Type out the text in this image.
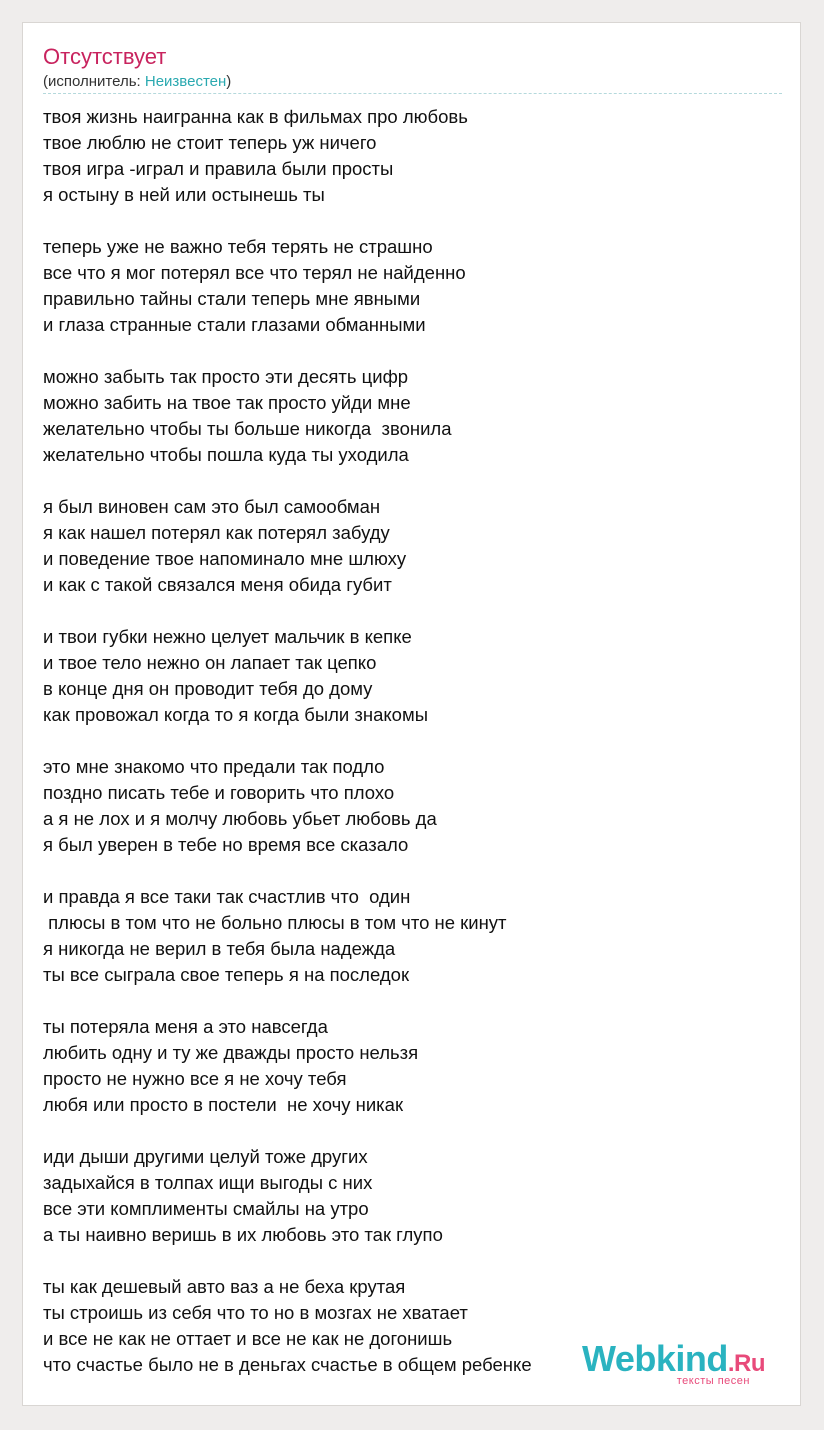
Отсутствует
(исполнитель: Неизвестен)
твоя жизнь наигранна как в фильмах про любовь
твое люблю не стоит теперь уж ничего
твоя игра -играл и правила были просты
я остыну в ней или остынешь ты
теперь уже не важно тебя терять не страшно
все что я мог потерял все что терял не найденно
правильно тайны стали теперь мне явными
и глаза странные стали глазами обманными
можно забыть так просто эти десять цифр
можно забить на твое так просто уйди мне
желательно чтобы ты больше никогда  звонила
желательно чтобы пошла куда ты уходила
я был виновен сам это был самообман
я как нашел потерял как потерял забуду
и поведение твое напоминало мне шлюху
и как с такой связался меня обида губит
и твои губки нежно целует мальчик в кепке
и твое тело нежно он лапает так цепко
в конце дня он проводит тебя до дому
как провожал когда то я когда были знакомы
это мне знакомо что предали так подло
поздно писать тебе и говорить что плохо
а я не лох и я молчу любовь убьет любовь да
я был уверен в тебе но время все сказало
и правда я все таки так счастлив что  один
плюсы в том что не больно плюсы в том что не кинут
я никогда не верил в тебя была надежда
ты все сыграла свое теперь я на последок
ты потеряла меня а это навсегда
любить одну и ту же дважды просто нельзя
просто не нужно все я не хочу тебя
любя или просто в постели  не хочу никак
иди дыши другими целуй тоже других
задыхайся в толпах ищи выгоды с них
все эти комплименты смайлы на утро
а ты наивно веришь в их любовь это так глупо
ты как дешевый авто ваз а не беха крутая
ты строишь из себя что то но в мозгах не хватает
и все не как не оттает и все не как не догонишь
что счастье было не в деньгах счастье в общем ребенке	Webkind.Ru
тексты песен
